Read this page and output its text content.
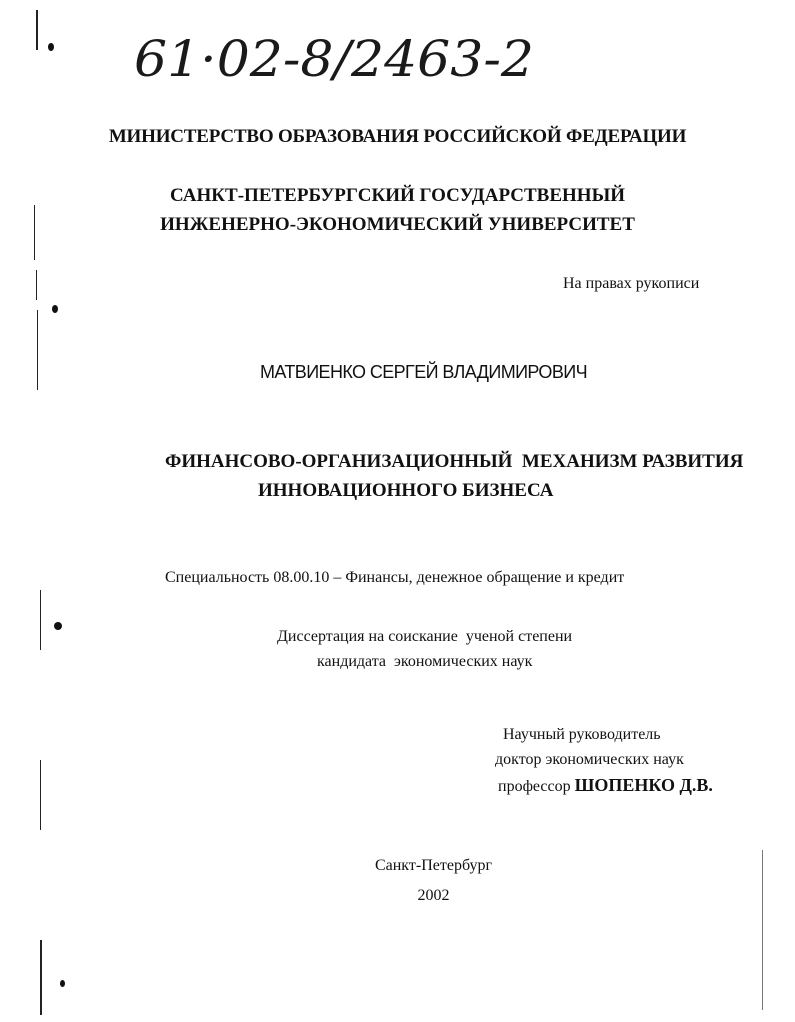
61·02-8/2463-2
МИНИСТЕРСТВО ОБРАЗОВАНИЯ РОССИЙСКОЙ ФЕДЕРАЦИИ
САНКТ-ПЕТЕРБУРГСКИЙ ГОСУДАРСТВЕННЫЙ
ИНЖЕНЕРНО-ЭКОНОМИЧЕСКИЙ УНИВЕРСИТЕТ
На правах рукописи
МАТВИЕНКО СЕРГЕЙ ВЛАДИМИРОВИЧ
ФИНАНСОВО-ОРГАНИЗАЦИОННЫЙ  МЕХАНИЗМ РАЗВИТИЯ
ИННОВАЦИОННОГО БИЗНЕСА
Специальность 08.00.10 – Финансы, денежное обращение и кредит
Диссертация на соискание  ученой степени
кандидата  экономических наук
Научный руководитель
доктор экономических наук
профессор ШОПЕНКО Д.В.
Санкт-Петербург
2002
